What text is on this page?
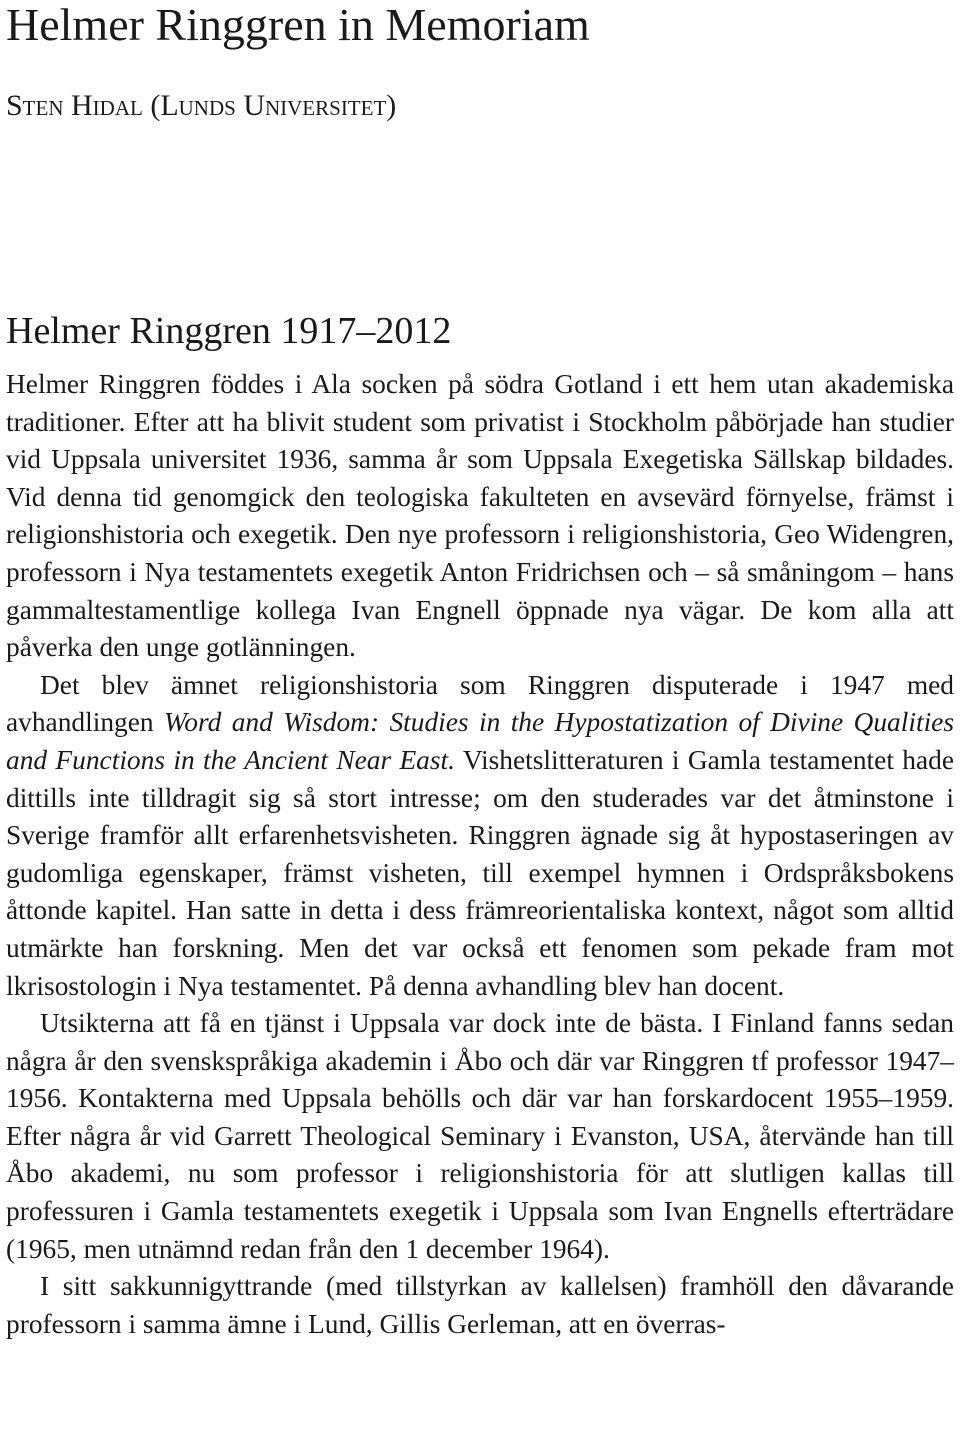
Helmer Ringgren in Memoriam
Sten Hidal (Lunds Universitet)
Helmer Ringgren 1917–2012

Helmer Ringgren föddes i Ala socken på södra Gotland i ett hem utan akademiska traditioner. Efter att ha blivit student som privatist i Stockholm påbörjade han studier vid Uppsala universitet 1936, samma år som Uppsala Exegetiska Sällskap bildades. Vid denna tid genomgick den teologiska fakulteten en avsevärd förnyelse, främst i religionshistoria och exegetik. Den nye professorn i religionshistoria, Geo Widengren, professorn i Nya testamentets exegetik Anton Fridrichsen och – så småningom – hans gammaltestamentlige kollega Ivan Engnell öppnade nya vägar. De kom alla att påverka den unge gotlänningen.

Det blev ämnet religionshistoria som Ringgren disputerade i 1947 med avhandlingen Word and Wisdom: Studies in the Hypostatization of Divine Qualities and Functions in the Ancient Near East. Vishetslitteraturen i Gamla testamentet hade dittills inte tilldragit sig så stort intresse; om den studerades var det åtminstone i Sverige framför allt erfarenhetsvisheten. Ringgren ägnade sig åt hypostaseringen av gudomliga egenskaper, främst visheten, till exempel hymnen i Ordspråksbokens åttonde kapitel. Han satte in detta i dess främreorientaliska kontext, något som alltid utmärkte han forskning. Men det var också ett fenomen som pekade fram mot lkrisostologin i Nya testamentet. På denna avhandling blev han docent.

Utsikterna att få en tjänst i Uppsala var dock inte de bästa. I Finland fanns sedan några år den svenskspråkiga akademin i Åbo och där var Ringgren tf professor 1947–1956. Kontakterna med Uppsala behölls och där var han forskardocent 1955–1959. Efter några år vid Garrett Theological Seminary i Evanston, USA, återvände han till Åbo akademi, nu som professor i religionshistoria för att slutligen kallas till professuren i Gamla testamentets exegetik i Uppsala som Ivan Engnells efterträdare (1965, men utnämnd redan från den 1 december 1964).

I sitt sakkunnigyttrande (med tillstyrkan av kallelsen) framhöll den dåvarande professorn i samma ämne i Lund, Gillis Gerleman, att en överras-
